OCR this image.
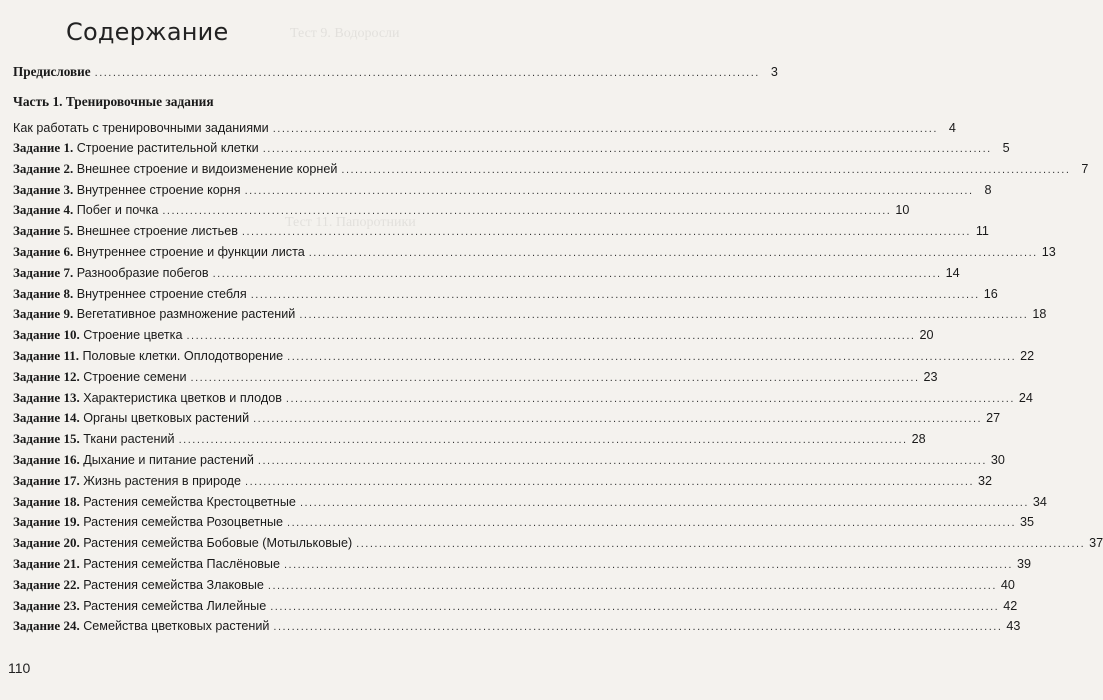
Тест 9. Водоросли
Тест 11. Папоротники
Содержание
Предисловие .................................................................................................................................................. 3
Часть 1. Тренировочные задания
Как работать с тренировочными заданиями .................................................................................................................................................. 4
Задание 1. Строение растительной клетки ................................................................................................................................................................ 5
Задание 2. Внешнее строение и видоизменение корней ................................................................................................................................................................ 7
Задание 3. Внутреннее строение корня ................................................................................................................................................................ 8
Задание 4. Побег и почка ................................................................................................................................................................ 10
Задание 5. Внешнее строение листьев ................................................................................................................................................................ 11
Задание 6. Внутреннее строение и функции листа ................................................................................................................................................................ 13
Задание 7. Разнообразие побегов ................................................................................................................................................................ 14
Задание 8. Внутреннее строение стебля ................................................................................................................................................................ 16
Задание 9. Вегетативное размножение растений ................................................................................................................................................................ 18
Задание 10. Строение цветка ................................................................................................................................................................ 20
Задание 11. Половые клетки. Оплодотворение ................................................................................................................................................................ 22
Задание 12. Строение семени ................................................................................................................................................................ 23
Задание 13. Характеристика цветков и плодов ................................................................................................................................................................ 24
Задание 14. Органы цветковых растений ................................................................................................................................................................ 27
Задание 15. Ткани растений ................................................................................................................................................................ 28
Задание 16. Дыхание и питание растений ................................................................................................................................................................ 30
Задание 17. Жизнь растения в природе ................................................................................................................................................................ 32
Задание 18. Растения семейства Крестоцветные ................................................................................................................................................................ 34
Задание 19. Растения семейства Розоцветные ................................................................................................................................................................ 35
Задание 20. Растения семейства Бобовые (Мотыльковые) ................................................................................................................................................................ 37
Задание 21. Растения семейства Паслёновые ................................................................................................................................................................ 39
Задание 22. Растения семейства Злаковые ................................................................................................................................................................ 40
Задание 23. Растения семейства Лилейные ................................................................................................................................................................ 42
Задание 24. Семейства цветковых растений ................................................................................................................................................................ 43
110
